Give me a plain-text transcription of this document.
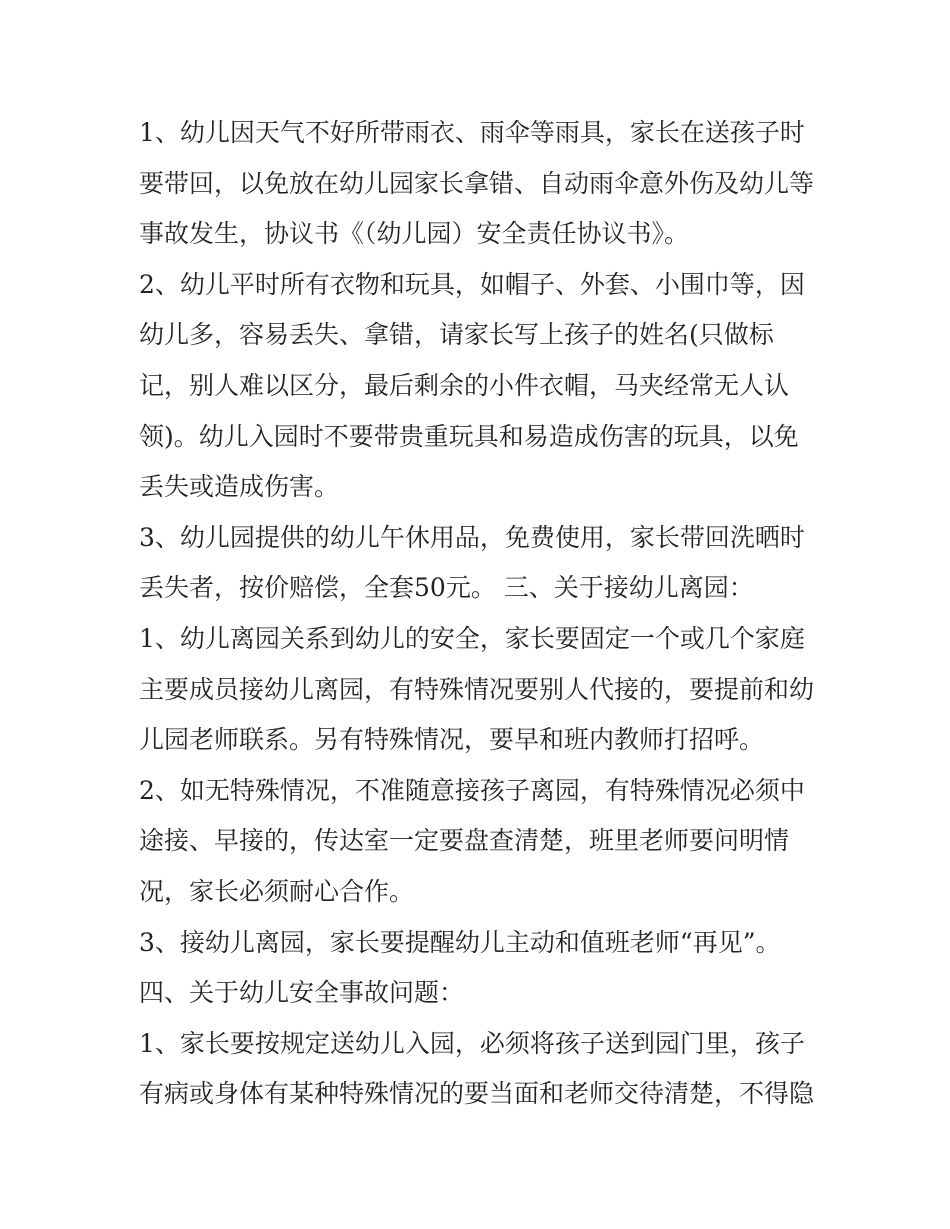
1、幼儿因天气不好所带雨衣、雨伞等雨具，家长在送孩子时
要带回，以免放在幼儿园家长拿错、自动雨伞意外伤及幼儿等
事故发生，协议书《（幼儿园）安全责任协议书》。
2、幼儿平时所有衣物和玩具，如帽子、外套、小围巾等，因
幼儿多，容易丢失、拿错，请家长写上孩子的姓名(只做标
记，别人难以区分，最后剩余的小件衣帽，马夹经常无人认
领)。幼儿入园时不要带贵重玩具和易造成伤害的玩具，以免
丢失或造成伤害。
3、幼儿园提供的幼儿午休用品，免费使用，家长带回洗晒时
丢失者，按价赔偿，全套50元。 三、关于接幼儿离园：
1、幼儿离园关系到幼儿的安全，家长要固定一个或几个家庭
主要成员接幼儿离园，有特殊情况要别人代接的，要提前和幼
儿园老师联系。另有特殊情况，要早和班内教师打招呼。
2、如无特殊情况，不准随意接孩子离园，有特殊情况必须中
途接、早接的，传达室一定要盘查清楚，班里老师要问明情
况，家长必须耐心合作。
3、接幼儿离园，家长要提醒幼儿主动和值班老师“再见”。
四、关于幼儿安全事故问题：
1、家长要按规定送幼儿入园，必须将孩子送到园门里，孩子
有病或身体有某种特殊情况的要当面和老师交待清楚，不得隐
